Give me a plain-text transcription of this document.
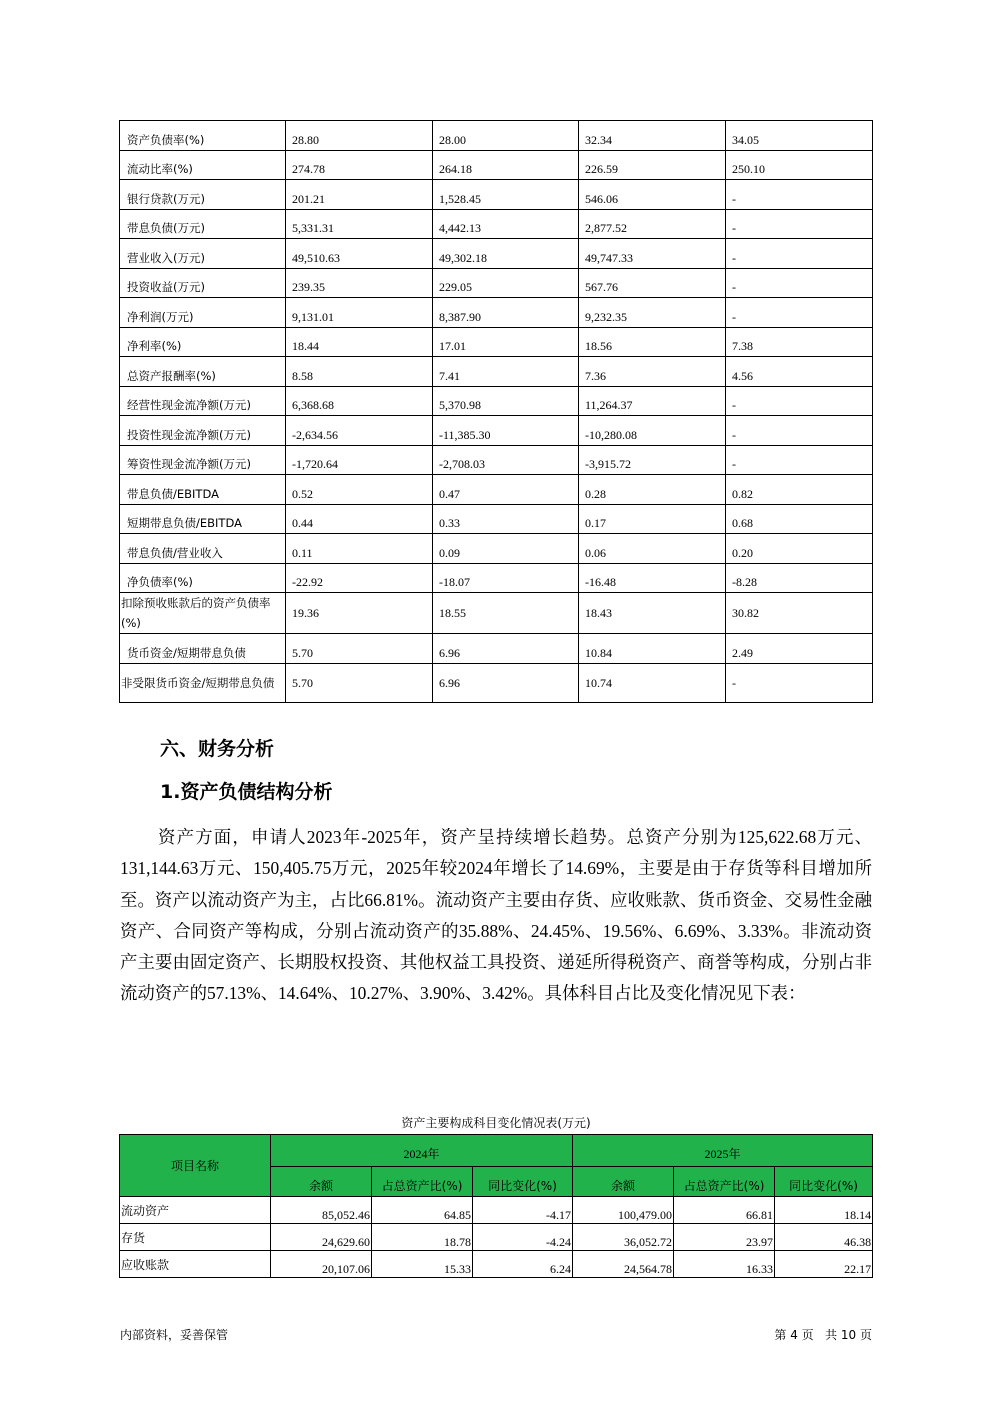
资产负债率(%)	28.80	28.00	32.34	34.05
流动比率(%)	274.78	264.18	226.59	250.10
银行贷款(万元)	201.21	1,528.45	546.06	-
带息负债(万元)	5,331.31	4,442.13	2,877.52	-
营业收入(万元)	49,510.63	49,302.18	49,747.33	-
投资收益(万元)	239.35	229.05	567.76	-
净利润(万元)	9,131.01	8,387.90	9,232.35	-
净利率(%)	18.44	17.01	18.56	7.38
总资产报酬率(%)	8.58	7.41	7.36	4.56
经营性现金流净额(万元)	6,368.68	5,370.98	11,264.37	-
投资性现金流净额(万元)	-2,634.56	-11,385.30	-10,280.08	-
筹资性现金流净额(万元)	-1,720.64	-2,708.03	-3,915.72	-
带息负债/EBITDA	0.52	0.47	0.28	0.82
短期带息负债/EBITDA	0.44	0.33	0.17	0.68
带息负债/营业收入	0.11	0.09	0.06	0.20
净负债率(%)	-22.92	-18.07	-16.48	-8.28
扣除预收账款后的资产负债率(%)	19.36	18.55	18.43	30.82
货币资金/短期带息负债	5.70	6.96	10.84	2.49
非受限货币资金/短期带息负债	5.70	6.96	10.74	-
六、财务分析
1.资产负债结构分析

资产方面，申请人2023年-2025年，资产呈持续增长趋势。总资产分别为125,622.68万元、131,144.63万元、150,405.75万元，2025年较2024年增长了14.69%，主要是由于存货等科目增加所至。资产以流动资产为主，占比66.81%。流动资产主要由存货、应收账款、货币资金、交易性金融资产、合同资产等构成，分别占流动资产的35.88%、24.45%、19.56%、6.69%、3.33%。非流动资产主要由固定资产、长期股权投资、其他权益工具投资、递延所得税资产、商誉等构成，分别占非流动资产的57.13%、14.64%、10.27%、3.90%、3.42%。具体科目占比及变化情况见下表：

资产主要构成科目变化情况表(万元)
项目名称	2024年			2025年		
	余额	占总资产比(%)	同比变化(%)	余额	占总资产比(%)	同比变化(%)
流动资产	85,052.46	64.85	-4.17	100,479.00	66.81	18.14
存货	24,629.60	18.78	-4.24	36,052.72	23.97	46.38
应收账款	20,107.06	15.33	6.24	24,564.78	16.33	22.17
内部资料，妥善保管	第 4 页   共 10 页
